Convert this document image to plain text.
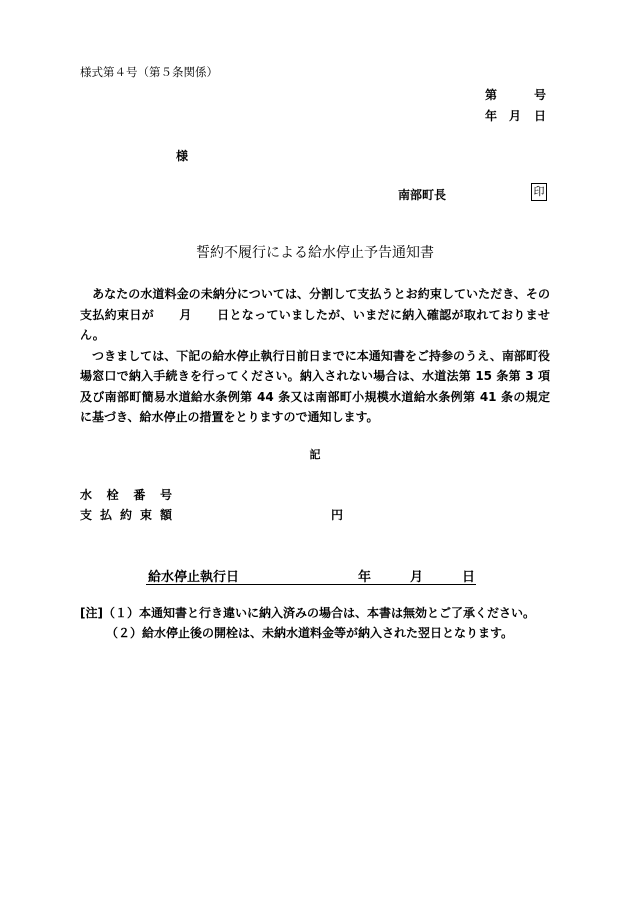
様式第４号（第５条関係）
第	号
年 月 日
様
南部町長	印
誓約不履行による給水停止予告通知書

　あなたの水道料金の未納分については、分割して支払うとお約束していただき、その支払約束日が 月 日となっていましたが、いまだに納入確認が取れておりません。

　つきましては、下記の給水停止執行日前日までに本通知書をご持参のうえ、南部町役場窓口で納入手続きを行ってください。納入されない場合は、水道法第 15 条第 3 項及び南部町簡易水道給水条例第 44 条又は南部町小規模水道給水条例第 41 条の規定に基づき、給水停止の措置をとりますので通知します。

記
水栓番号
支払約束額	円
給水停止執行日	年	月	日
[注]（１）本通知書と行き違いに納入済みの場合は、本書は無効とご了承ください。
（２）給水停止後の開栓は、未納水道料金等が納入された翌日となります。
